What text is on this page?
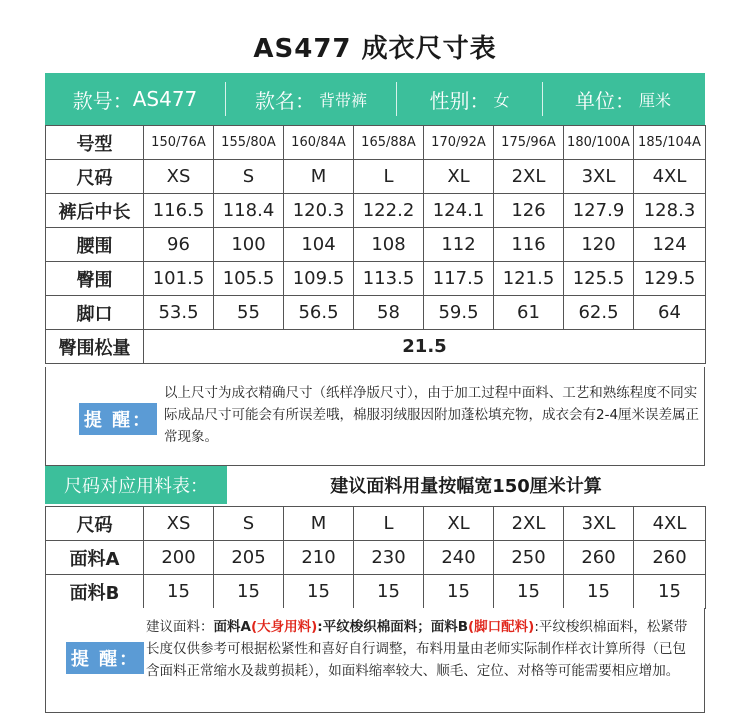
AS477 成衣尺寸表
款号： AS477	款名： 背带裤	性别： 女	单位： 厘米
号型	150/76A	155/80A	160/84A	165/88A	170/92A	175/96A	180/100A	185/104A
尺码	XS	S	M	L	XL	2XL	3XL	4XL
裤后中长	116.5	118.4	120.3	122.2	124.1	126	127.9	128.3
腰围	96	100	104	108	112	116	120	124
臀围	101.5	105.5	109.5	113.5	117.5	121.5	125.5	129.5
脚口	53.5	55	56.5	58	59.5	61	62.5	64
臀围松量	21.5							
提 醒：
以上尺寸为成衣精确尺寸（纸样净版尺寸），由于加工过程中面料、工艺和熟练程度不同实际成品尺寸可能会有所误差哦，棉服羽绒服因附加蓬松填充物，成衣会有2-4厘米误差属正常现象。
尺码对应用料表：	建议面料用量按幅宽150厘米计算
尺码	XS	S	M	L	XL	2XL	3XL	4XL
面料A	200	205	210	230	240	250	260	260
面料B	15	15	15	15	15	15	15	15
提 醒：
建议面料：面料A(大身用料):平纹梭织棉面料；面料B(脚口配料):平纹梭织棉面料，松紧带长度仅供参考可根据松紧性和喜好自行调整，布料用量由老师实际制作样衣计算所得（已包含面料正常缩水及裁剪损耗），如面料缩率较大、顺毛、定位、对格等可能需要相应增加。
